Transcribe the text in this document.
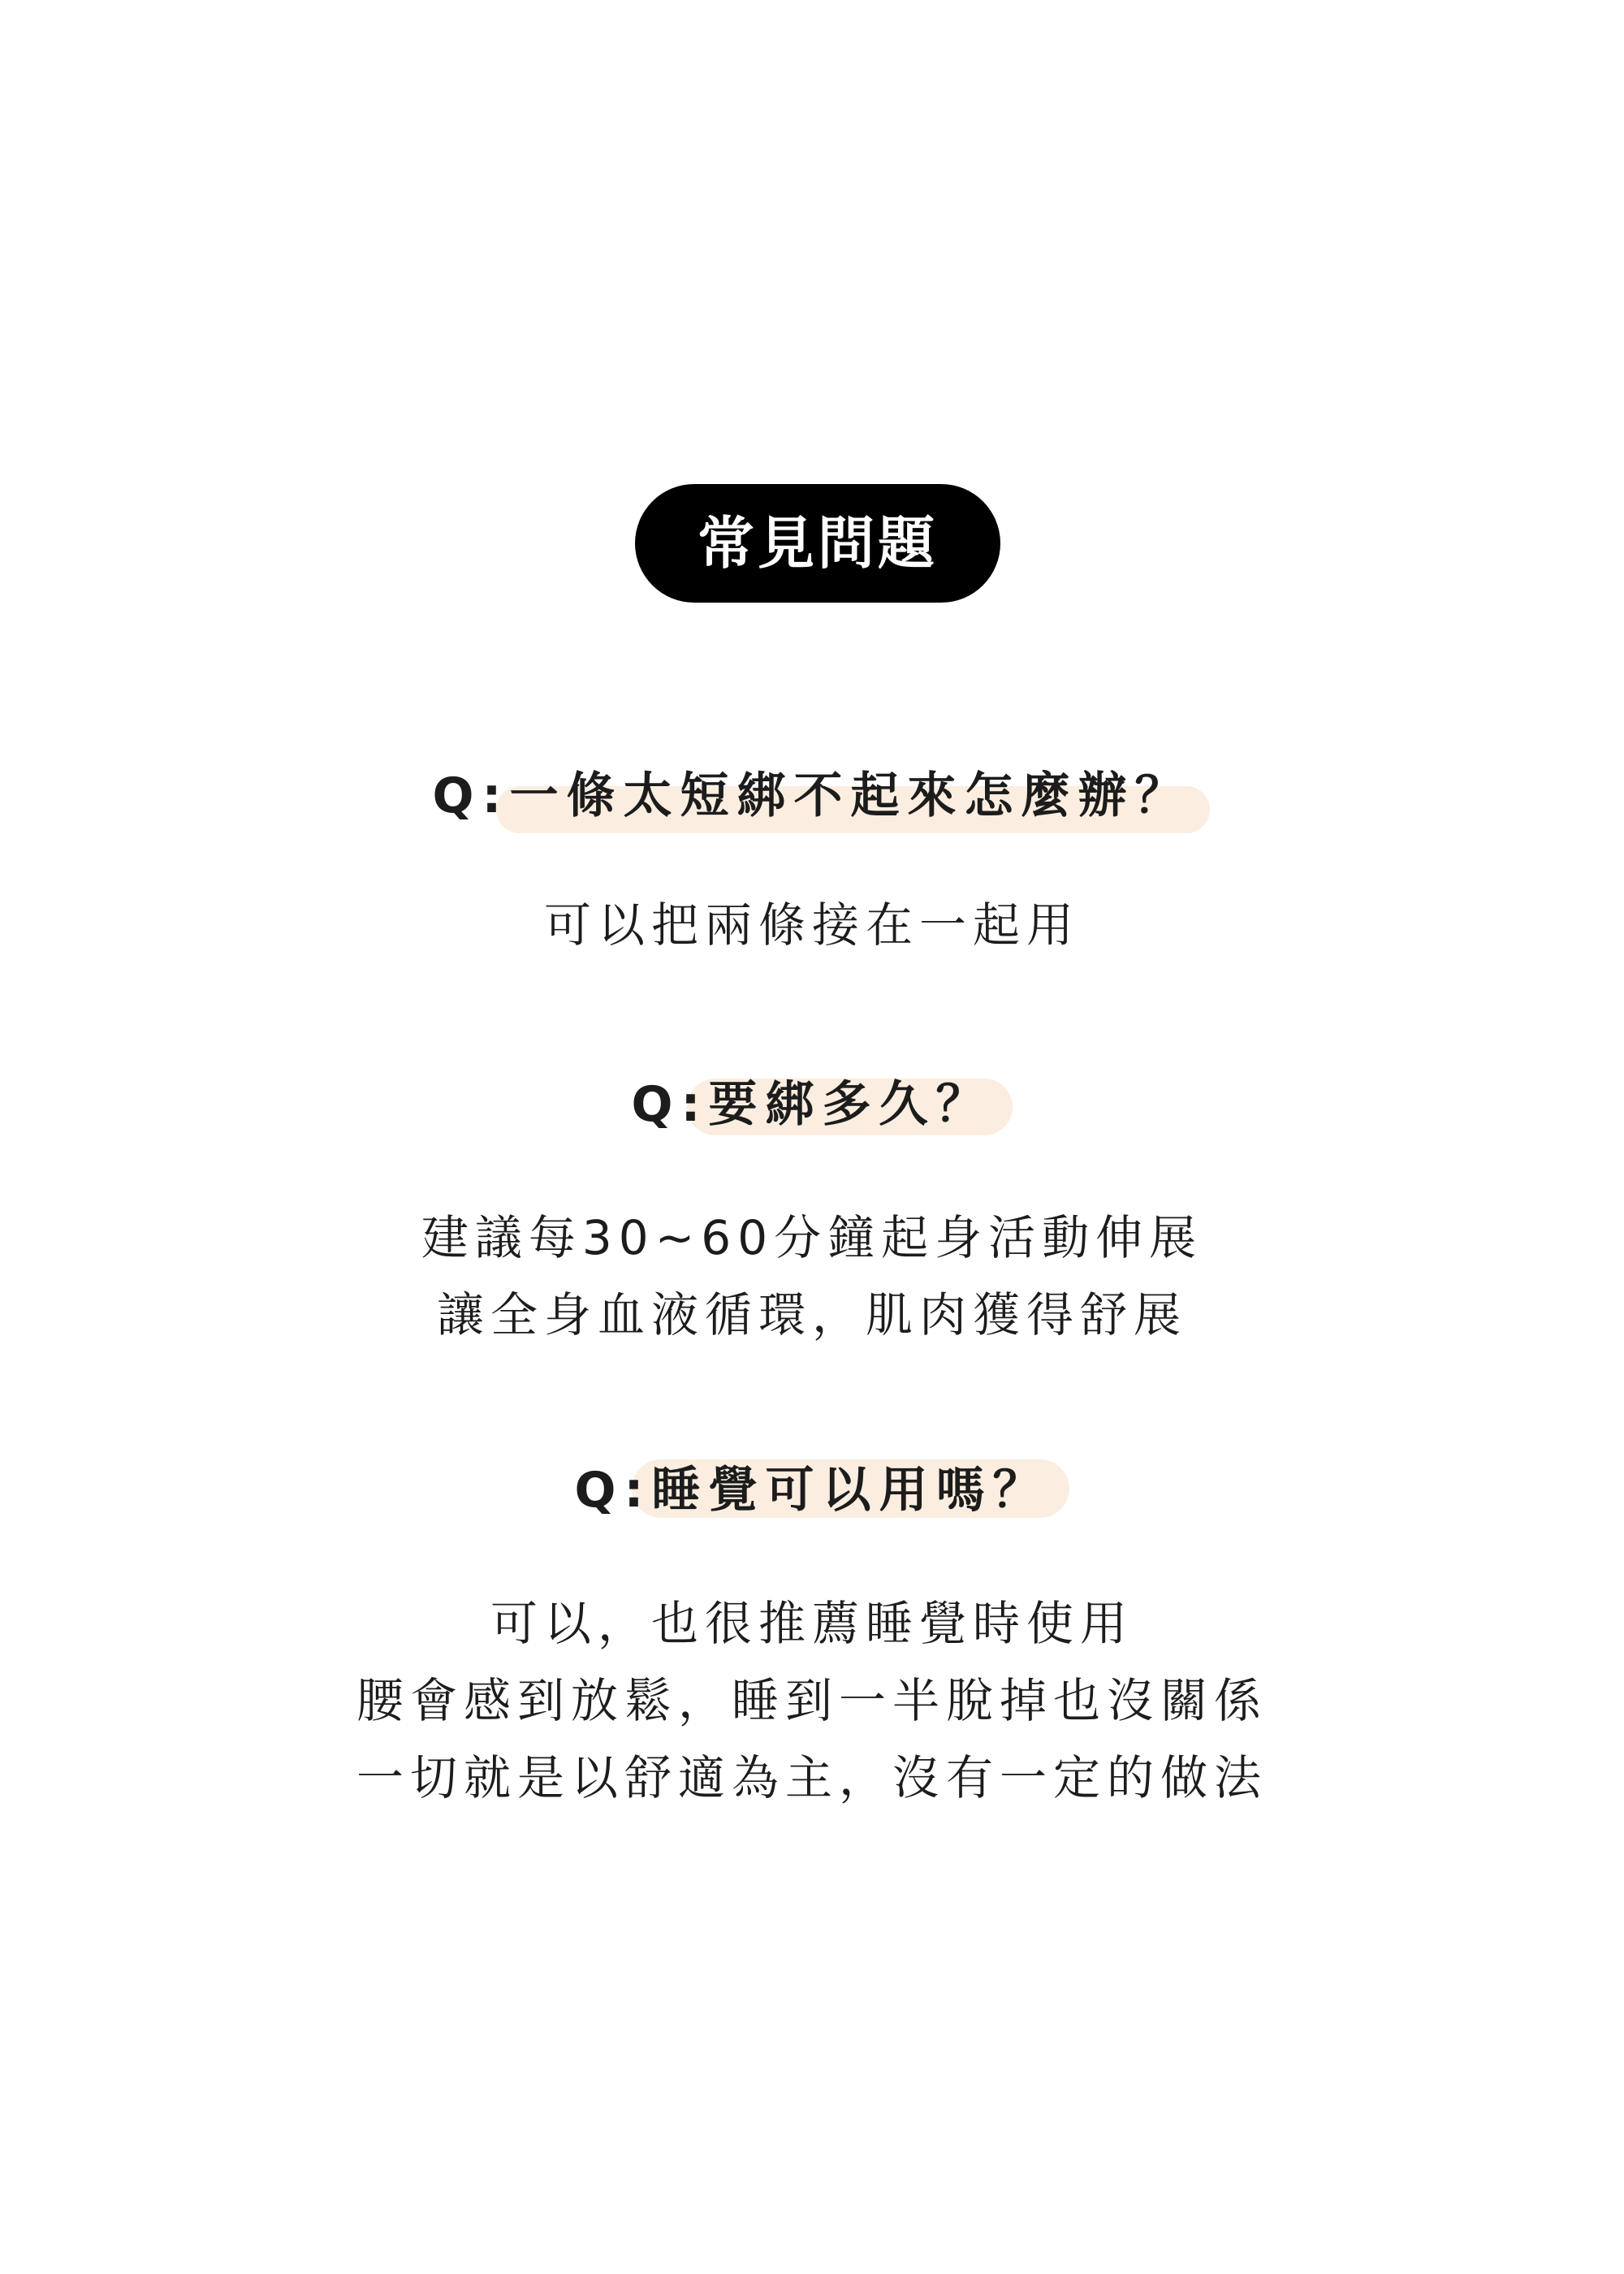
常見問題
Q:一條太短綁不起來怎麼辦？
可以把兩條接在一起用
Q:要綁多久？
建議每30~60分鐘起身活動伸展
讓全身血液循環，肌肉獲得舒展
Q:睡覺可以用嗎？
可以，也很推薦睡覺時使用
腰會感到放鬆，睡到一半脫掉也沒關係
一切就是以舒適為主，沒有一定的做法
